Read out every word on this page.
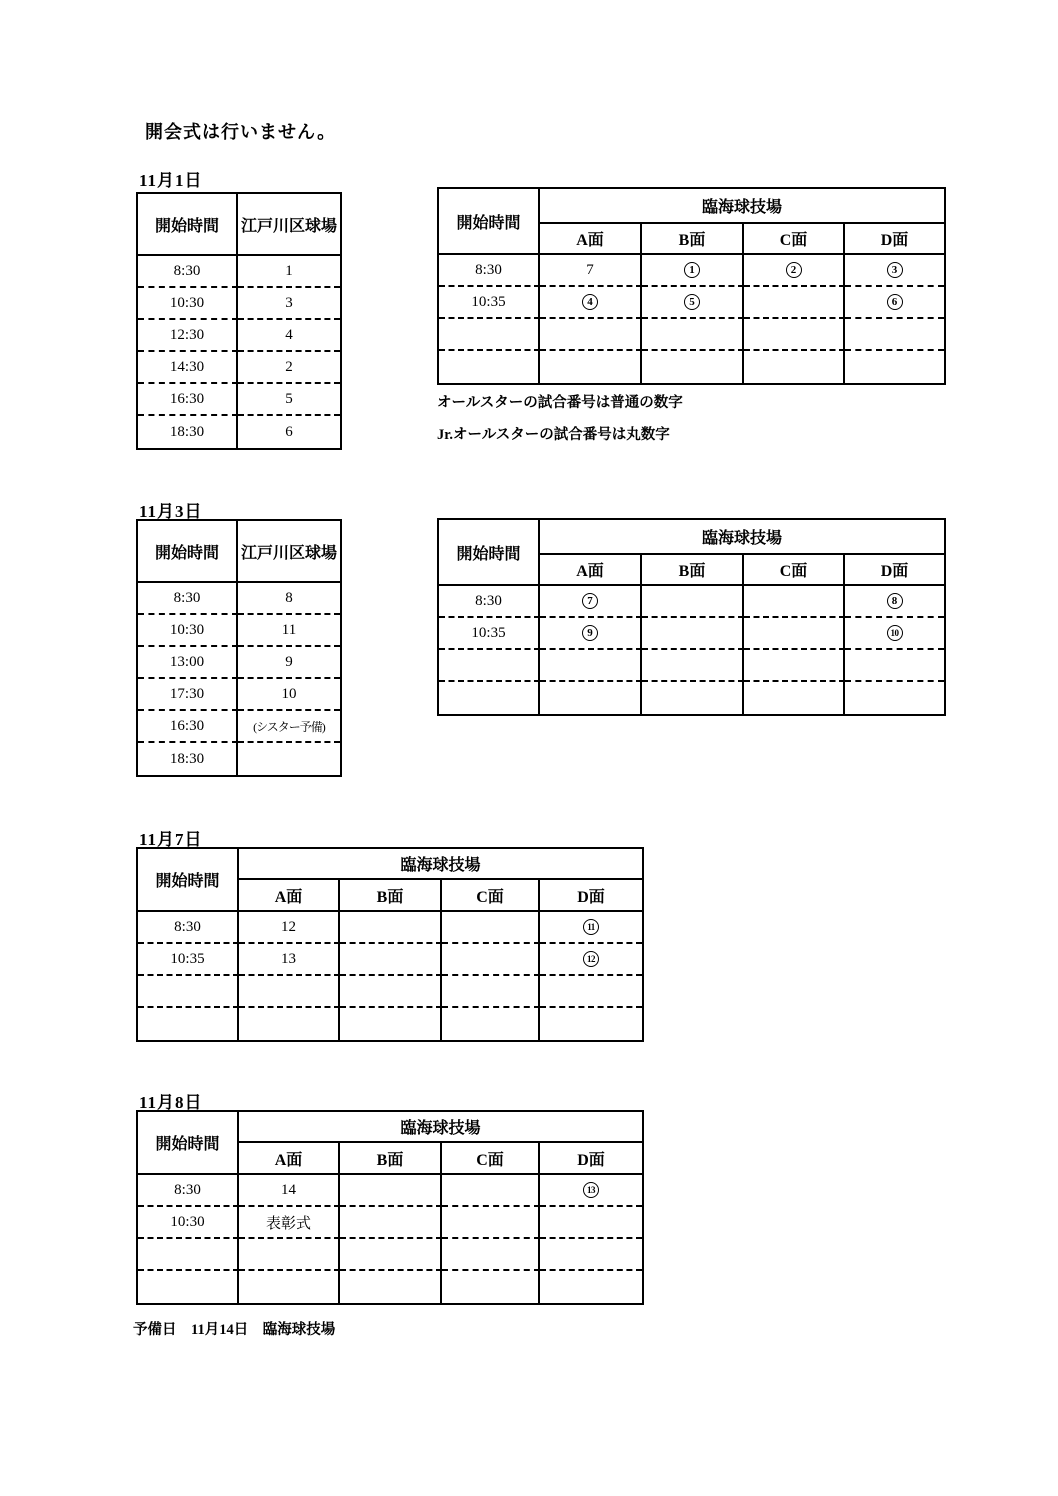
開会式は行いません。
11月1日
開始時間	江戸川区球場
8:30	1
10:30	3
12:30	4
14:30	2
16:30	5
18:30	6
開始時間	臨海球技場			
	A面	B面	C面	D面
8:30	7	1	2	3
10:35	4	5		6

オールスターの試合番号は普通の数字
Jr.オールスターの試合番号は丸数字
11月3日
開始時間	江戸川区球場
8:30	8
10:30	11
13:00	9
17:30	10
16:30	(シスター予備)
18:30	
開始時間	臨海球技場			
	A面	B面	C面	D面
8:30	7			8
10:35	9			10

11月7日
開始時間	臨海球技場			
	A面	B面	C面	D面
8:30	12			11
10:35	13			12

11月8日
開始時間	臨海球技場			
	A面	B面	C面	D面
8:30	14			13
10:30	表彰式			

予備日　11月14日　臨海球技場
